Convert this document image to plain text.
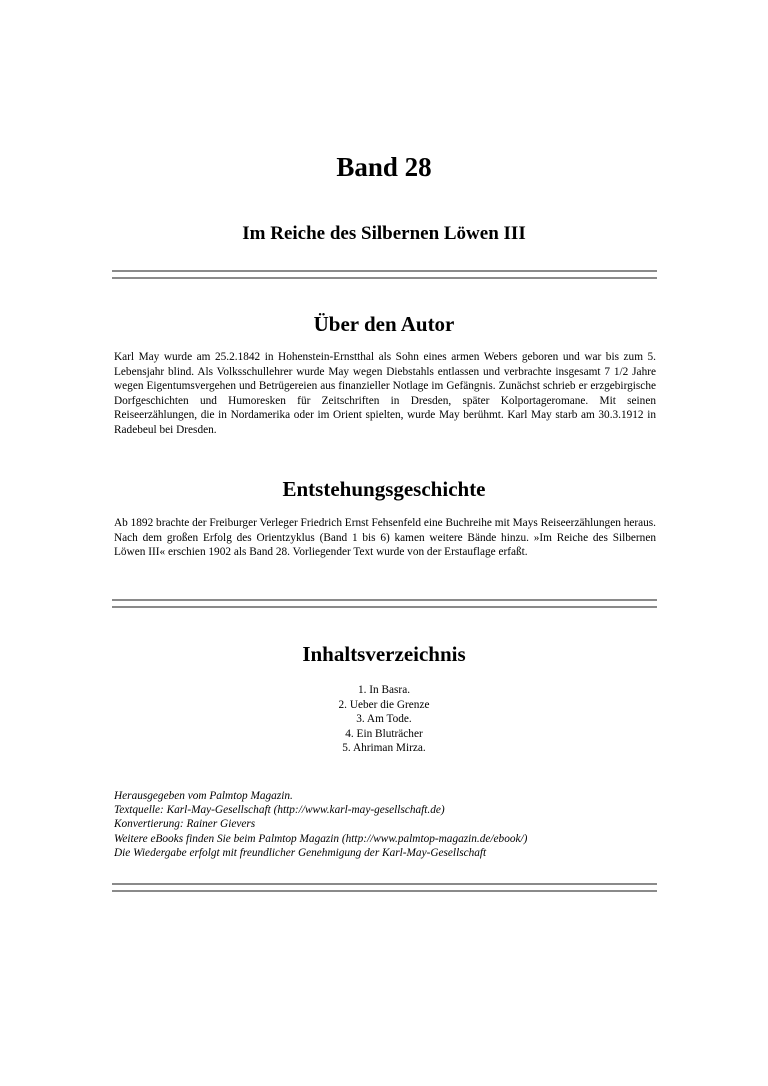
Band 28
Im Reiche des Silbernen Löwen III
Über den Autor

Karl May wurde am 25.2.1842 in Hohenstein-Ernstthal als Sohn eines armen Webers geboren und war bis zum 5. Lebensjahr blind. Als Volksschullehrer wurde May wegen Diebstahls entlassen und verbrachte insgesamt 7 1/2 Jahre wegen Eigentumsvergehen und Betrügereien aus finanzieller Notlage im Gefängnis. Zunächst schrieb er erzgebirgische Dorfgeschichten und Humoresken für Zeitschriften in Dresden, später Kolportageromane. Mit seinen Reiseerzählungen, die in Nordamerika oder im Orient spielten, wurde May berühmt. Karl May starb am 30.3.1912 in Radebeul bei Dresden.

Entstehungsgeschichte

Ab 1892 brachte der Freiburger Verleger Friedrich Ernst Fehsenfeld eine Buchreihe mit Mays Reiseerzählungen heraus. Nach dem großen Erfolg des Orientzyklus (Band 1 bis 6) kamen weitere Bände hinzu. »Im Reiche des Silbernen Löwen III« erschien 1902 als Band 28. Vorliegender Text wurde von der Erstauflage erfaßt.

Inhaltsverzeichnis
1. In Basra.
2. Ueber die Grenze
3. Am Tode.
4. Ein Bluträcher
5. Ahriman Mirza.
Herausgegeben vom Palmtop Magazin.
Textquelle: Karl-May-Gesellschaft (http://www.karl-may-gesellschaft.de)
Konvertierung: Rainer Gievers
Weitere eBooks finden Sie beim Palmtop Magazin (http://www.palmtop-magazin.de/ebook/)
Die Wiedergabe erfolgt mit freundlicher Genehmigung der Karl-May-Gesellschaft
